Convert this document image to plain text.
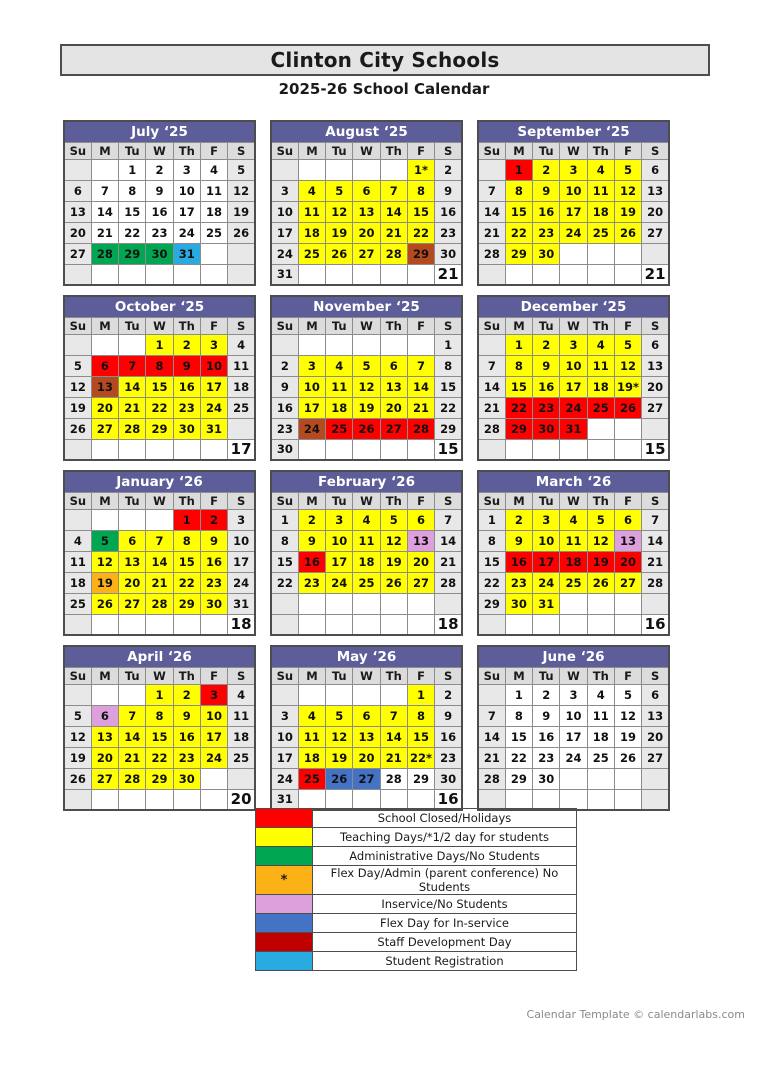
Clinton City Schools
2025-26 School Calendar
July ‘25						
Su	M	Tu	W	Th	F	S
		1	2	3	4	5
6	7	8	9	10	11	12
13	14	15	16	17	18	19
20	21	22	23	24	25	26
27	28	29	30	31		

August ‘25						
Su	M	Tu	W	Th	F	S
					1*	2
3	4	5	6	7	8	9
10	11	12	13	14	15	16
17	18	19	20	21	22	23
24	25	26	27	28	29	30
31						21
September ‘25						
Su	M	Tu	W	Th	F	S
	1	2	3	4	5	6
7	8	9	10	11	12	13
14	15	16	17	18	19	20
21	22	23	24	25	26	27
28	29	30				
						21
October ‘25						
Su	M	Tu	W	Th	F	S
			1	2	3	4
5	6	7	8	9	10	11
12	13	14	15	16	17	18
19	20	21	22	23	24	25
26	27	28	29	30	31	
						17
November ‘25						
Su	M	Tu	W	Th	F	S
						1
2	3	4	5	6	7	8
9	10	11	12	13	14	15
16	17	18	19	20	21	22
23	24	25	26	27	28	29
30						15
December ‘25						
Su	M	Tu	W	Th	F	S
	1	2	3	4	5	6
7	8	9	10	11	12	13
14	15	16	17	18	19*	20
21	22	23	24	25	26	27
28	29	30	31			
						15
January ‘26						
Su	M	Tu	W	Th	F	S
				1	2	3
4	5	6	7	8	9	10
11	12	13	14	15	16	17
18	19	20	21	22	23	24
25	26	27	28	29	30	31
						18
February ‘26						
Su	M	Tu	W	Th	F	S
1	2	3	4	5	6	7
8	9	10	11	12	13	14
15	16	17	18	19	20	21
22	23	24	25	26	27	28

						18
March ‘26						
Su	M	Tu	W	Th	F	S
1	2	3	4	5	6	7
8	9	10	11	12	13	14
15	16	17	18	19	20	21
22	23	24	25	26	27	28
29	30	31				
						16
April ‘26						
Su	M	Tu	W	Th	F	S
			1	2	3	4
5	6	7	8	9	10	11
12	13	14	15	16	17	18
19	20	21	22	23	24	25
26	27	28	29	30		
						20
May ‘26						
Su	M	Tu	W	Th	F	S
					1	2
3	4	5	6	7	8	9
10	11	12	13	14	15	16
17	18	19	20	21	22*	23
24	25	26	27	28	29	30
31						16
June ‘26						
Su	M	Tu	W	Th	F	S
	1	2	3	4	5	6
7	8	9	10	11	12	13
14	15	16	17	18	19	20
21	22	23	24	25	26	27
28	29	30				

	School Closed/Holidays
	Teaching Days/*1/2 day for students
	Administrative Days/No Students
*	Flex Day/Admin (parent conference) No Students
	Inservice/No Students
	Flex Day for In-service
	Staff Development Day
	Student Registration
Calendar Template © calendarlabs.com
